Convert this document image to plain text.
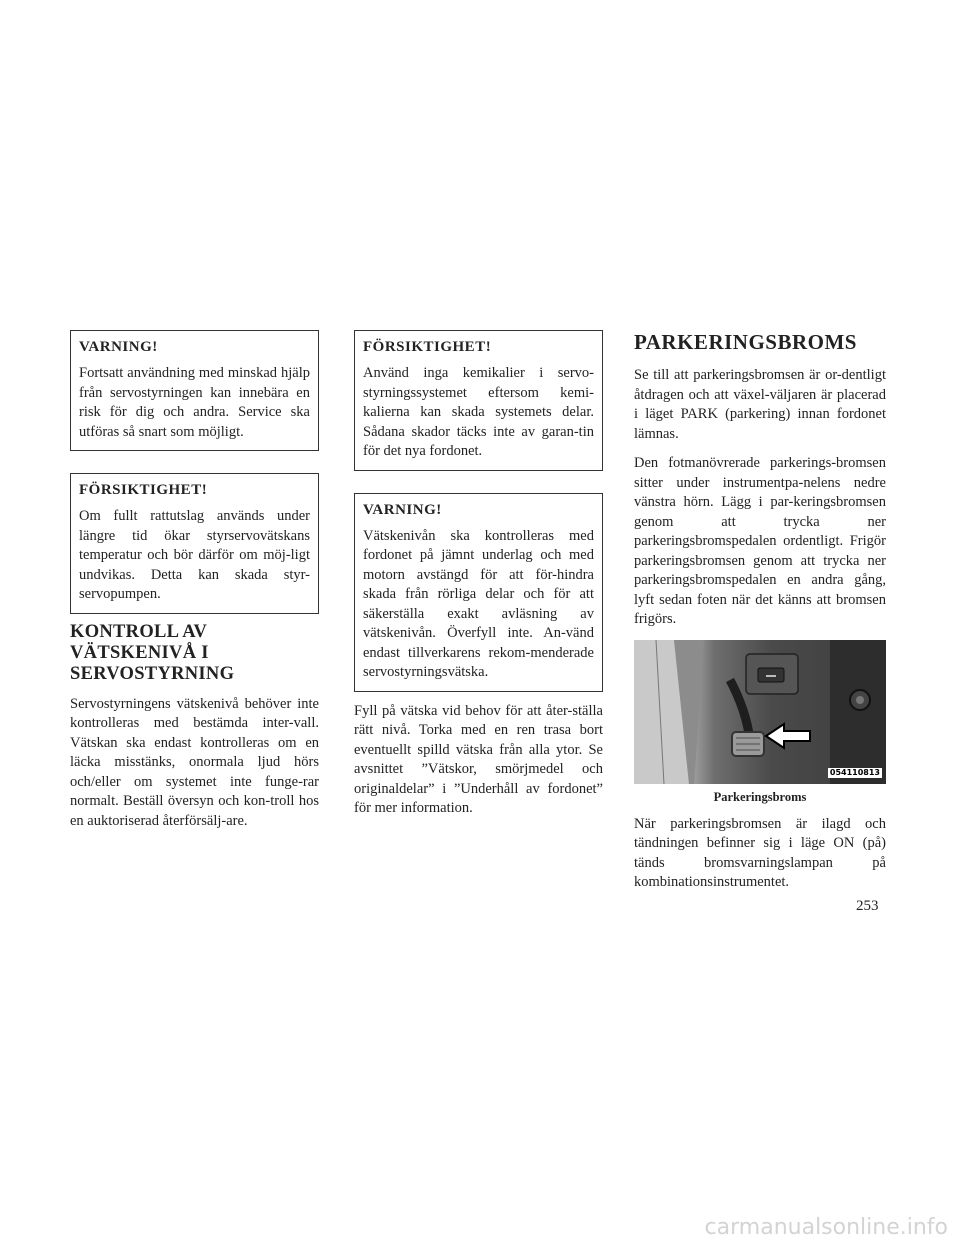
VARNING!

Fortsatt användning med minskad hjälp från servostyrningen kan innebära en risk för dig och andra. Service ska utföras så snart som möjligt.

FÖRSIKTIGHET!

Om fullt rattutslag används under längre tid ökar styrservovätskans temperatur och bör därför om möj-ligt undvikas. Detta kan skada styr-servopumpen.

KONTROLL AV VÄTSKENIVÅ I SERVOSTYRNING

Servostyrningens vätskenivå behöver inte kontrolleras med bestämda inter-vall. Vätskan ska endast kontrolleras om en läcka misstänks, onormala ljud hörs och/eller om systemet inte funge-rar normalt. Beställ översyn och kon-troll hos en auktoriserad återförsälj-are.

FÖRSIKTIGHET!

Använd inga kemikalier i servo-styrningssystemet eftersom kemi-kalierna kan skada systemets delar. Sådana skador täcks inte av garan-tin för det nya fordonet.

VARNING!

Vätskenivån ska kontrolleras med fordonet på jämnt underlag och med motorn avstängd för att för-hindra skada från rörliga delar och för att säkerställa exakt avläsning av vätskenivån. Överfyll inte. An-vänd endast tillverkarens rekom-menderade servostyrningsvätska.

Fyll på vätska vid behov för att åter-ställa rätt nivå. Torka med en ren trasa bort eventuellt spilld vätska från alla ytor. Se avsnittet ”Vätskor, smörjmedel och originaldelar” i ”Underhåll av fordonet” för mer information.

PARKERINGSBROMS

Se till att parkeringsbromsen är or-dentligt åtdragen och att växel-väljaren är placerad i läget PARK (parkering) innan fordonet lämnas.

Den fotmanövrerade parkerings-bromsen sitter under instrumentpa-nelens nedre vänstra hörn. Lägg i par-keringsbromsen genom att trycka ner parkeringsbromspedalen ordentligt. Frigör parkeringsbromsen genom att trycka ner parkeringsbromspedalen en andra gång, lyft sedan foten när det känns att bromsen frigörs.

054110813
Parkeringsbroms

När parkeringsbromsen är ilagd och tändningen befinner sig i läge ON (på) tänds bromsvarningslampan på kombinationsinstrumentet.

253
carmanualsonline.info
